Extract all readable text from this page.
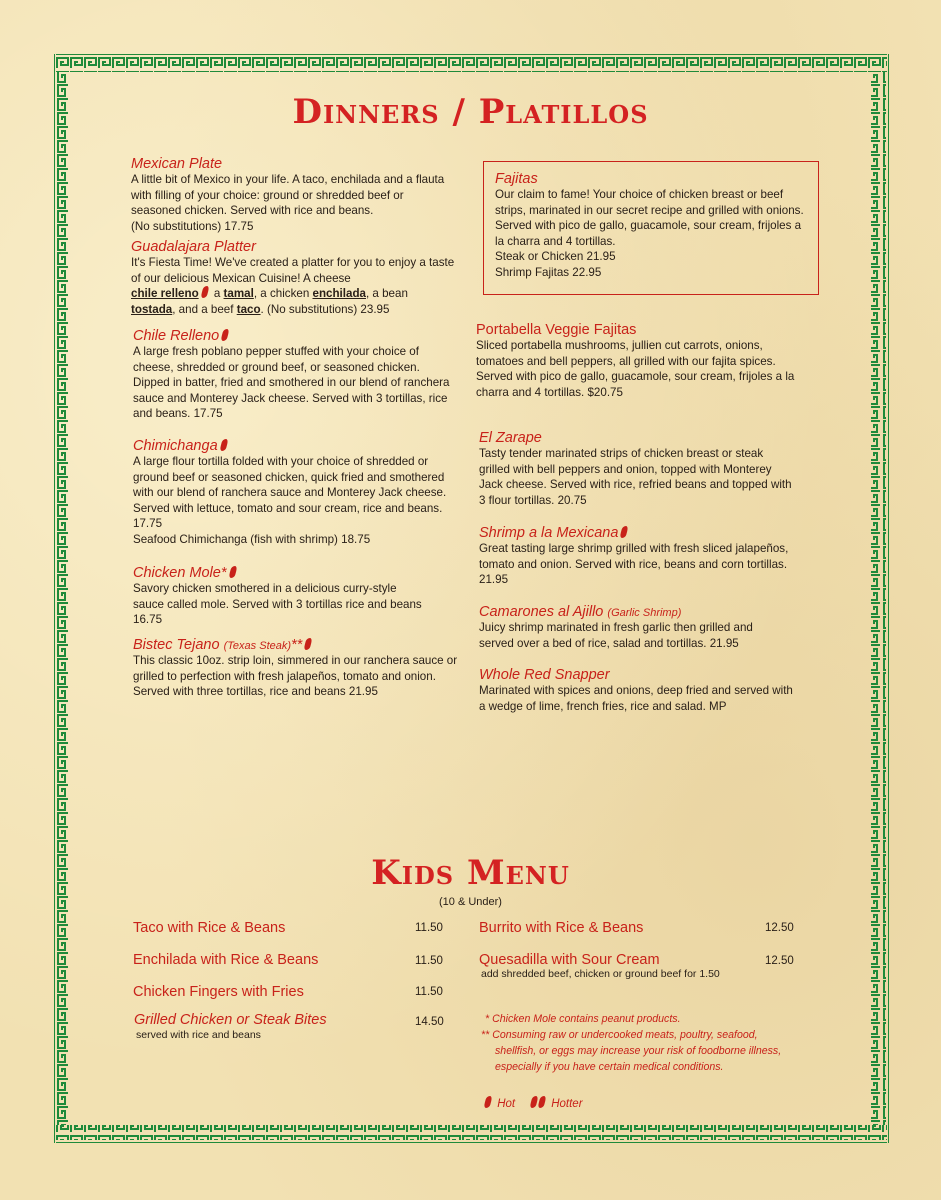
Dinners / Platillos
Mexican Plate
A little bit of Mexico in your life. A taco, enchilada and a flauta with filling of your choice: ground or shredded beef or seasoned chicken. Served with rice and beans.
(No substitutions) 17.75
Guadalajara Platter
It's Fiesta Time! We've created a platter for you to enjoy a taste of our delicious Mexican Cuisine! A cheese
chile relleno a tamal, a chicken enchilada, a bean
tostada, and a beef taco. (No substitutions) 23.95
Chile Relleno
A large fresh poblano pepper stuffed with your choice of cheese, shredded or ground beef, or seasoned chicken. Dipped in batter, fried and smothered in our blend of ranchera sauce and Monterey Jack cheese. Served with 3 tortillas, rice and beans. 17.75
Chimichanga
A large flour tortilla folded with your choice of shredded or ground beef or seasoned chicken, quick fried and smothered with our blend of ranchera sauce and Monterey Jack cheese. Served with lettuce, tomato and sour cream, rice and beans. 17.75
Seafood Chimichanga (fish with shrimp) 18.75
Chicken Mole*
Savory chicken smothered in a delicious curry-style sauce called mole. Served with 3 tortillas rice and beans 16.75
Bistec Tejano (Texas Steak)**
This classic 10oz. strip loin, simmered in our ranchera sauce or grilled to perfection with fresh jalapeños, tomato and onion. Served with three tortillas, rice and beans 21.95
Fajitas
Our claim to fame! Your choice of chicken breast or beef strips, marinated in our secret recipe and grilled with onions. Served with pico de gallo, guacamole, sour cream, frijoles a la charra and 4 tortillas.
Steak or Chicken 21.95
Shrimp Fajitas 22.95
Portabella Veggie Fajitas
Sliced portabella mushrooms, jullien cut carrots, onions, tomatoes and bell peppers, all grilled with our fajita spices. Served with pico de gallo, guacamole, sour cream, frijoles a la charra and 4 tortillas. $20.75
El Zarape
Tasty tender marinated strips of chicken breast or steak grilled with bell peppers and onion, topped with Monterey Jack cheese. Served with rice, refried beans and topped with 3 flour tortillas. 20.75
Shrimp a la Mexicana
Great tasting large shrimp grilled with fresh sliced jalapeños, tomato and onion. Served with rice, beans and corn tortillas. 21.95
Camarones al Ajillo (Garlic Shrimp)
Juicy shrimp marinated in fresh garlic then grilled and served over a bed of rice, salad and tortillas. 21.95
Whole Red Snapper
Marinated with spices and onions, deep fried and served with a wedge of lime, french fries, rice and salad. MP
Kids Menu
(10 & Under)
Taco with Rice & Beans	11.50
Enchilada with Rice & Beans	11.50
Chicken Fingers with Fries	11.50
Grilled Chicken or Steak Bites	14.50
served with rice and beans
Burrito with Rice & Beans	12.50
Quesadilla with Sour Cream	12.50
add shredded beef, chicken or ground beef for 1.50
* Chicken Mole contains peanut products.
** Consuming raw or undercooked meats, poultry, seafood,
shellfish, or eggs may increase your risk of foodborne illness,
especially if you have certain medical conditions.
Hot	Hotter
